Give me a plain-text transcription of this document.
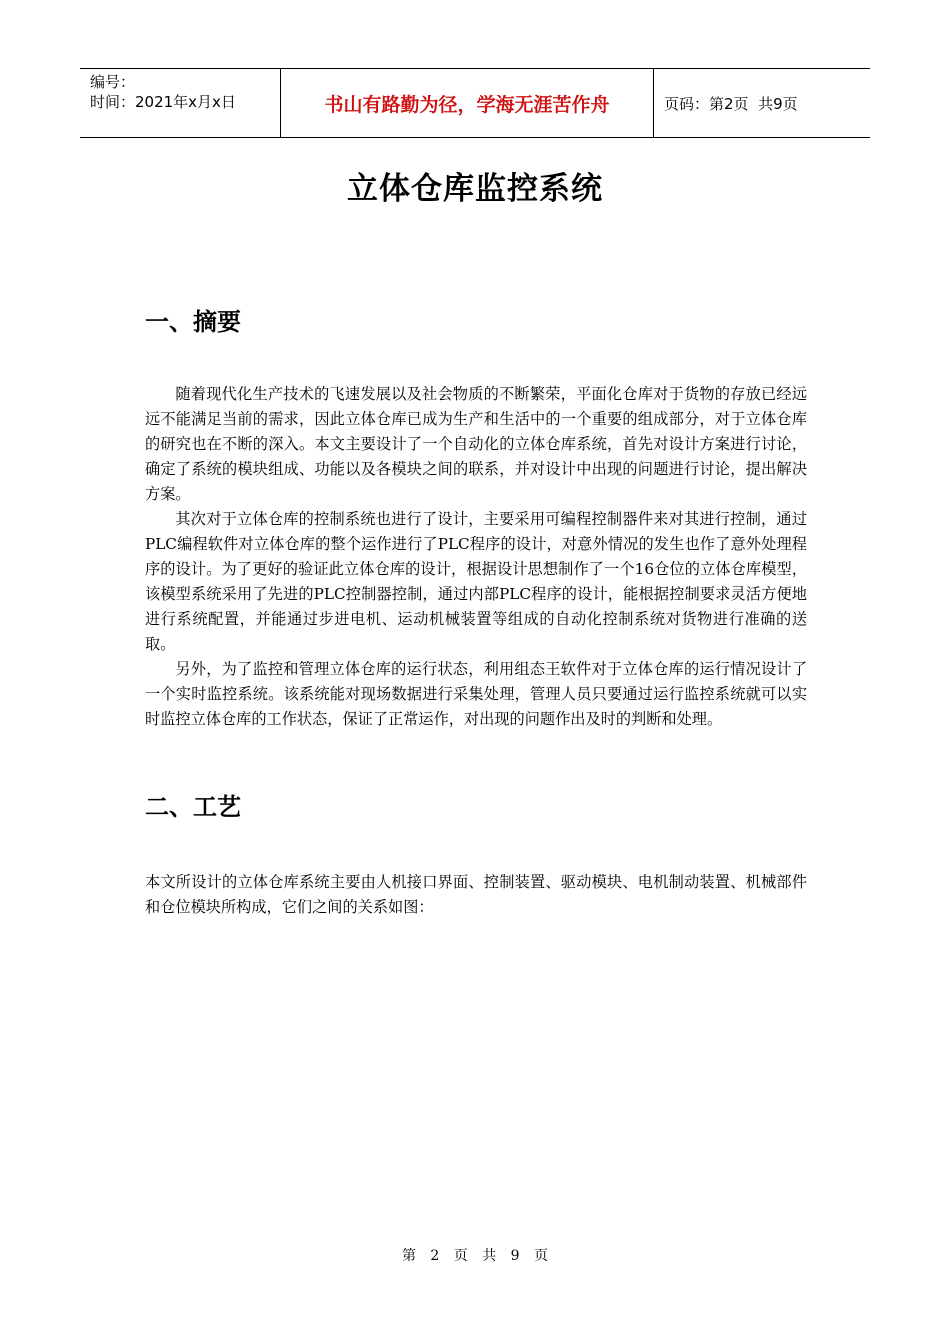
编号：
时间：2021年x月x日	书山有路勤为径，学海无涯苦作舟	页码：第2页  共9页
立体仓库监控系统
一、摘要

随着现代化生产技术的飞速发展以及社会物质的不断繁荣，平面化仓库对于货物的存放已经远远不能满足当前的需求，因此立体仓库已成为生产和生活中的一个重要的组成部分，对于立体仓库的研究也在不断的深入。本文主要设计了一个自动化的立体仓库系统，首先对设计方案进行讨论，确定了系统的模块组成、功能以及各模块之间的联系，并对设计中出现的问题进行讨论，提出解决方案。

其次对于立体仓库的控制系统也进行了设计，主要采用可编程控制器件来对其进行控制，通过PLC编程软件对立体仓库的整个运作进行了PLC程序的设计，对意外情况的发生也作了意外处理程序的设计。为了更好的验证此立体仓库的设计，根据设计思想制作了一个16仓位的立体仓库模型，该模型系统采用了先进的PLC控制器控制，通过内部PLC程序的设计，能根据控制要求灵活方便地进行系统配置，并能通过步进电机、运动机械装置等组成的自动化控制系统对货物进行准确的送取。

另外，为了监控和管理立体仓库的运行状态，利用组态王软件对于立体仓库的运行情况设计了一个实时监控系统。该系统能对现场数据进行采集处理，管理人员只要通过运行监控系统就可以实时监控立体仓库的工作状态，保证了正常运作，对出现的问题作出及时的判断和处理。

二、工艺

本文所设计的立体仓库系统主要由人机接口界面、控制装置、驱动模块、电机制动装置、机械部件和仓位模块所构成，它们之间的关系如图：

第 2 页 共 9 页
